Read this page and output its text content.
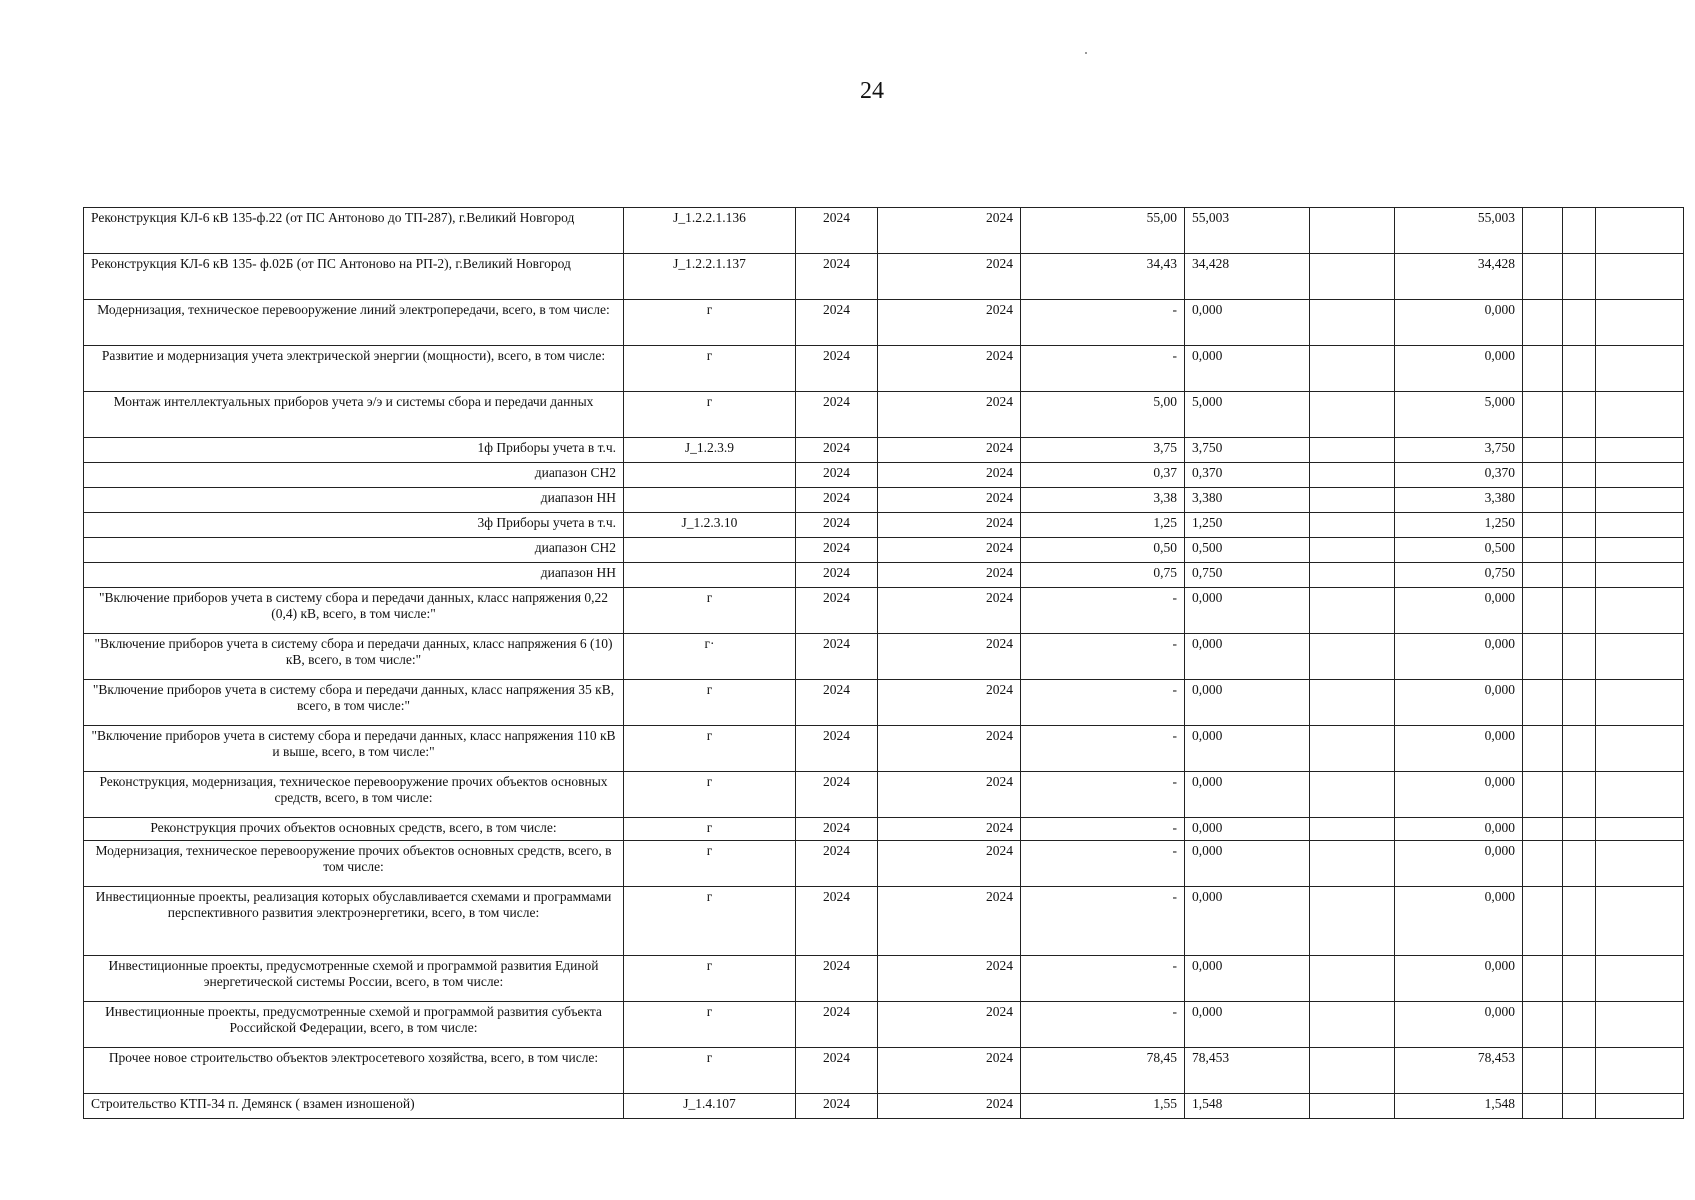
24
Реконструкция КЛ-6 кВ 135-ф.22 (от ПС Антоново до ТП-287), г.Великий Новгород	J_1.2.2.1.136	2024	2024	55,00	55,003		55,003			
Реконструкция КЛ-6 кВ 135- ф.02Б (от ПС Антоново на РП-2), г.Великий Новгород	J_1.2.2.1.137	2024	2024	34,43	34,428		34,428			
Модернизация, техническое перевооружение линий электропередачи, всего, в том числе:	г	2024	2024	-	0,000		0,000			
Развитие и модернизация учета электрической энергии (мощности), всего, в том числе:	г	2024	2024	-	0,000		0,000			
Монтаж интеллектуальных приборов учета э/э и системы сбора и передачи данных	г	2024	2024	5,00	5,000		5,000			
1ф Приборы учета в т.ч.	J_1.2.3.9	2024	2024	3,75	3,750		3,750			
диапазон СН2		2024	2024	0,37	0,370		0,370			
диапазон НН		2024	2024	3,38	3,380		3,380			
3ф Приборы учета в т.ч.	J_1.2.3.10	2024	2024	1,25	1,250		1,250			
диапазон СН2		2024	2024	0,50	0,500		0,500			
диапазон НН		2024	2024	0,75	0,750		0,750			
"Включение приборов учета в систему сбора и передачи данных, класс напряжения 0,22 (0,4) кВ, всего, в том числе:"	г	2024	2024	-	0,000		0,000			
"Включение приборов учета в систему сбора и передачи данных, класс напряжения 6 (10) кВ, всего, в том числе:"	г·	2024	2024	-	0,000		0,000			
"Включение приборов учета в систему сбора и передачи данных, класс напряжения 35 кВ, всего, в том числе:"	г	2024	2024	-	0,000		0,000			
"Включение приборов учета в систему сбора и передачи данных, класс напряжения 110 кВ и выше, всего, в том числе:"	г	2024	2024	-	0,000		0,000			
Реконструкция, модернизация, техническое перевооружение прочих объектов основных средств, всего, в том числе:	г	2024	2024	-	0,000		0,000			
Реконструкция прочих объектов основных средств, всего, в том числе:	г	2024	2024	-	0,000		0,000			
Модернизация, техническое перевооружение прочих объектов основных средств, всего, в том числе:	г	2024	2024	-	0,000		0,000			
Инвестиционные проекты, реализация которых обуславливается схемами и программами перспективного развития электроэнергетики, всего, в том числе:	г	2024	2024	-	0,000		0,000			
Инвестиционные проекты, предусмотренные схемой и программой развития Единой энергетической системы России, всего, в том числе:	г	2024	2024	-	0,000		0,000			
Инвестиционные проекты, предусмотренные схемой и программой развития субъекта Российской Федерации, всего, в том числе:	г	2024	2024	-	0,000		0,000			
Прочее новое строительство объектов электросетевого хозяйства, всего, в том числе:	г	2024	2024	78,45	78,453		78,453			
Строительство КТП-34 п. Демянск ( взамен изношеной)	J_1.4.107	2024	2024	1,55	1,548		1,548			
